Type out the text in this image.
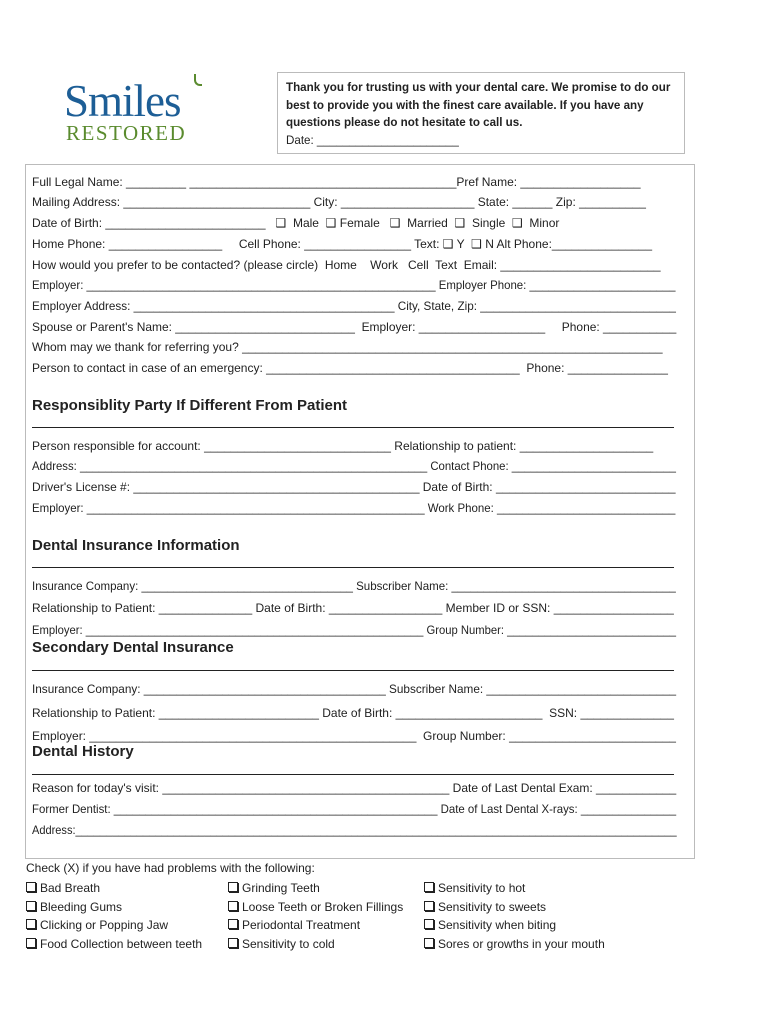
Smiles
RESTORED
Thank you for trusting us with your dental care. We promise to do our best to provide you with the finest care available. If you have any questions please do not hesitate to call us.
Date: ______________________
Full Legal Name: _________ ________________________________________Pref Name: __________________
Mailing Address: ____________________________ City: ____________________ State: ______ Zip: __________
Date of Birth: ________________________   ❑  Male  ❑ Female   ❑  Married  ❑  Single  ❑  Minor
Home Phone: _________________     Cell Phone: ________________ Text: ❑ Y  ❑ N Alt Phone:_______________
How would you prefer to be contacted? (please circle)  Home    Work   Cell  Text  Email: ________________________
Employer: _______________________________________________________ Employer Phone: _______________________
Employer Address: ________________________________________ City, State, Zip: ______________________________
Spouse or Parent's Name: ___________________________  Employer: ___________________     Phone: ___________
Whom may we thank for referring you? _______________________________________________________________
Person to contact in case of an emergency: ______________________________________  Phone: _______________
Responsiblity Party If Different From Patient
Person responsible for account: ____________________________ Relationship to patient: ____________________
Address: _______________________________________________________ Contact Phone: __________________________
Driver's License #: ___________________________________________ Date of Birth: ___________________________
Employer: _____________________________________________________ Work Phone: ____________________________
Dental Insurance Information
Insurance Company: _________________________________ Subscriber Name: ___________________________________
Relationship to Patient: ______________ Date of Birth: _________________ Member ID or SSN: __________________
Employer: ______________________________________________________ Group Number: ___________________________
Secondary Dental Insurance
Insurance Company: _____________________________________ Subscriber Name: _____________________________
Relationship to Patient: ________________________ Date of Birth: ______________________  SSN: ______________
Employer: _________________________________________________  Group Number: _________________________
Dental History
Reason for today's visit: ___________________________________________ Date of Last Dental Exam: ____________
Former Dentist: ___________________________________________________ Date of Last Dental X-rays: _______________
Address:__________________________________________________________________________________________________
Check (X) if you have had problems with the following:
Bad Breath
Bleeding Gums
Clicking or Popping Jaw
Food Collection between teeth
Grinding Teeth
Loose Teeth or Broken Fillings
Periodontal Treatment
Sensitivity to cold
Sensitivity to hot
Sensitivity to sweets
Sensitivity when biting
Sores or growths in your mouth
